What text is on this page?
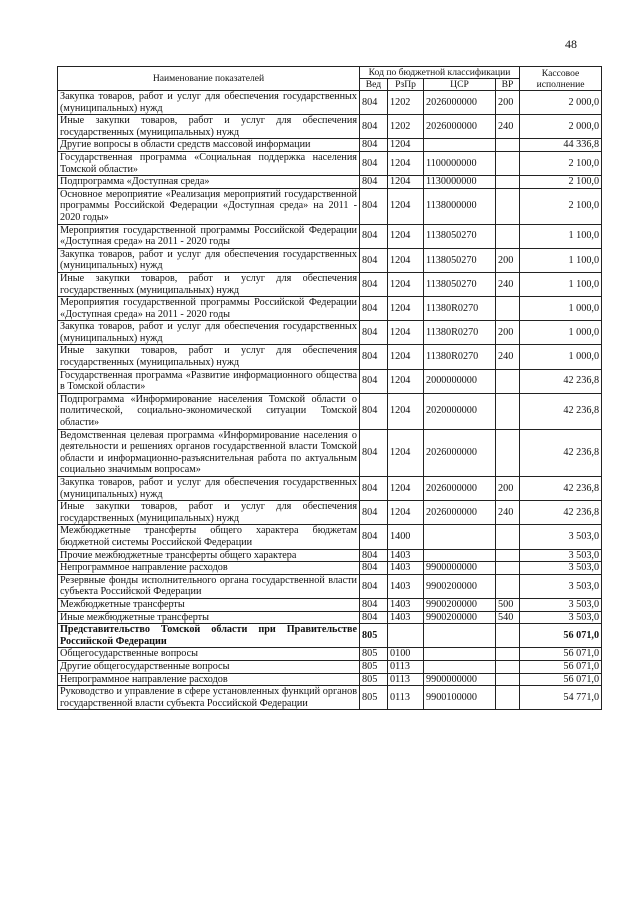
48
Наименование показателей	Код по бюджетной классификации				Кассовое исполнение
	Вед	РзПр	ЦСР	ВР	
Закупка товаров, работ и услуг для обеспечения государственных (муниципальных) нужд	804	1202	2026000000	200	2 000,0
Иные закупки товаров, работ и услуг для обеспечения государственных (муниципальных) нужд	804	1202	2026000000	240	2 000,0
Другие вопросы в области средств массовой информации	804	1204			44 336,8
Государственная программа «Социальная поддержка населения Томской области»	804	1204	1100000000		2 100,0
Подпрограмма «Доступная среда»	804	1204	1130000000		2 100,0
Основное мероприятие «Реализация мероприятий государственной программы Российской Федерации «Доступная среда» на 2011 - 2020 годы»	804	1204	1138000000		2 100,0
Мероприятия государственной программы Российской Федерации «Доступная среда» на 2011 - 2020 годы	804	1204	1138050270		1 100,0
Закупка товаров, работ и услуг для обеспечения государственных (муниципальных) нужд	804	1204	1138050270	200	1 100,0
Иные закупки товаров, работ и услуг для обеспечения государственных (муниципальных) нужд	804	1204	1138050270	240	1 100,0
Мероприятия государственной программы Российской Федерации «Доступная среда» на 2011 - 2020 годы	804	1204	11380R0270		1 000,0
Закупка товаров, работ и услуг для обеспечения государственных (муниципальных) нужд	804	1204	11380R0270	200	1 000,0
Иные закупки товаров, работ и услуг для обеспечения государственных (муниципальных) нужд	804	1204	11380R0270	240	1 000,0
Государственная программа «Развитие информационного общества в Томской области»	804	1204	2000000000		42 236,8
Подпрограмма «Информирование населения Томской области о политической, социально-экономической ситуации Томской области»	804	1204	2020000000		42 236,8
Ведомственная целевая программа «Информирование населения о деятельности и решениях органов государственной власти Томской области и информационно-разъяснительная работа по актуальным социально значимым вопросам»	804	1204	2026000000		42 236,8
Закупка товаров, работ и услуг для обеспечения государственных (муниципальных) нужд	804	1204	2026000000	200	42 236,8
Иные закупки товаров, работ и услуг для обеспечения государственных (муниципальных) нужд	804	1204	2026000000	240	42 236,8
Межбюджетные трансферты общего характера бюджетам бюджетной системы Российской Федерации	804	1400			3 503,0
Прочие межбюджетные трансферты общего характера	804	1403			3 503,0
Непрограммное направление расходов	804	1403	9900000000		3 503,0
Резервные фонды исполнительного органа государственной власти субъекта Российской Федерации	804	1403	9900200000		3 503,0
Межбюджетные трансферты	804	1403	9900200000	500	3 503,0
Иные межбюджетные трансферты	804	1403	9900200000	540	3 503,0
Представительство Томской области при Правительстве Российской Федерации	805				56 071,0
Общегосударственные вопросы	805	0100			56 071,0
Другие общегосударственные вопросы	805	0113			56 071,0
Непрограммное направление расходов	805	0113	9900000000		56 071,0
Руководство и управление в сфере установленных функций органов государственной власти субъекта Российской Федерации	805	0113	9900100000		54 771,0
